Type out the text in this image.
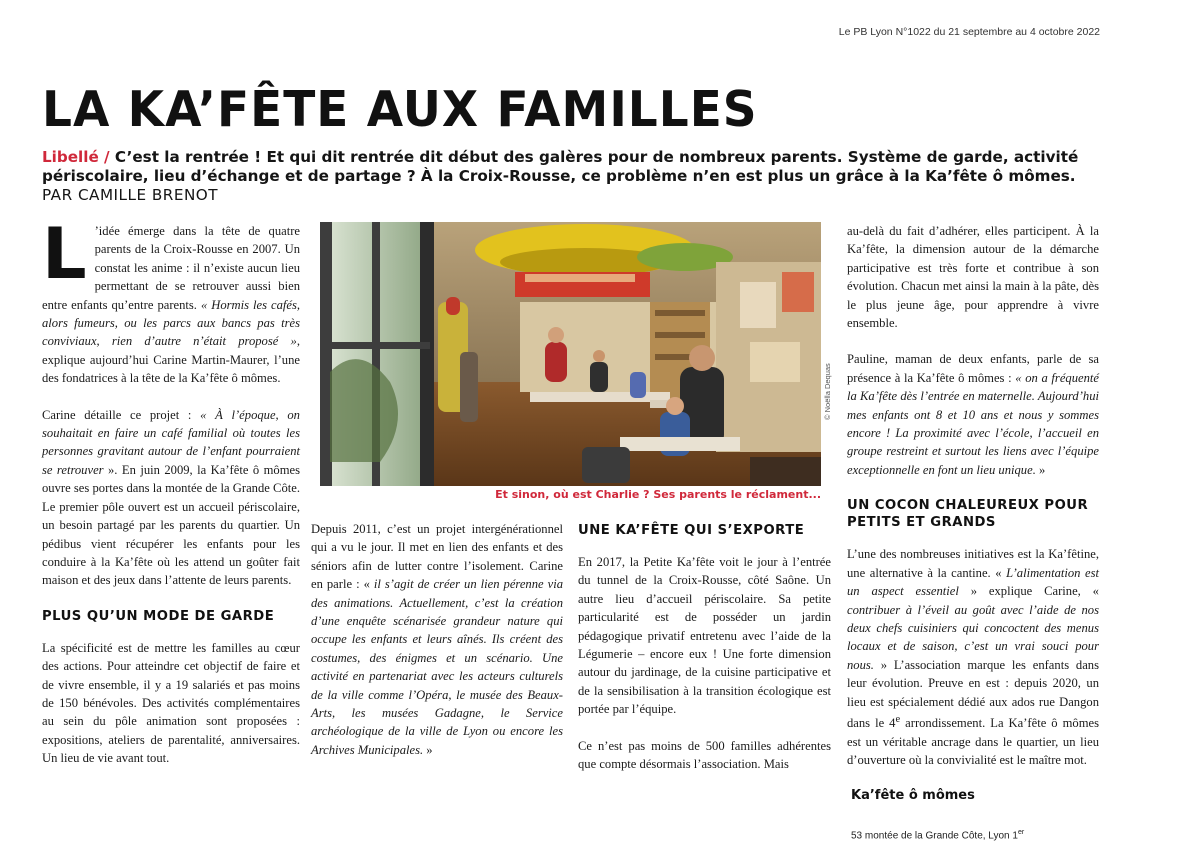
Le PB Lyon N°1022 du 21 septembre au 4 octobre 2022
LA KA’FÊTE AUX FAMILLES

Libellé / C’est la rentrée ! Et qui dit rentrée dit début des galères pour de nombreux parents. Système de garde, activité périscolaire, lieu d’échange et de partage ? À la Croix-Rousse, ce problème n’en est plus un grâce à la Ka’fête ô mômes. PAR CAMILLE BRENOT

L ’idée émerge dans la tête de quatre parents de la Croix-Rousse en 2007. Un constat les anime : il n’existe aucun lieu permettant de se retrouver aussi bien entre enfants qu’entre parents. « Hormis les cafés, alors fumeurs, ou les parcs aux bancs pas très conviviaux, rien d’autre n’était proposé », explique aujourd’hui Carine Martin-Maurer, l’une des fondatrices à la tête de la Ka’fête ô mômes.

Carine détaille ce projet : « À l’époque, on souhaitait en faire un café familial où toutes les personnes gravitant autour de l’enfant pourraient se retrouver ». En juin 2009, la Ka’fête ô mômes ouvre ses portes dans la montée de la Grande Côte. Le premier pôle ouvert est un accueil périscolaire, un besoin partagé par les parents du quartier. Un pédibus vient récupérer les enfants pour les conduire à la Ka’fête où les attend un goûter fait maison et des jeux dans l’attente de leurs parents.

PLUS QU’UN MODE DE GARDE

La spécificité est de mettre les familles au cœur des actions. Pour atteindre cet objectif de faire et de vivre ensemble, il y a 19 salariés et pas moins de 150 bénévoles. Des activités complémentaires au sein du pôle animation sont proposées : expositions, ateliers de parentalité, anniversaires. Un lieu de vie avant tout.

© Noëlla Dequas
Et sinon, où est Charlie ? Ses parents le réclament...

Depuis 2011, c’est un projet intergénérationnel qui a vu le jour. Il met en lien des enfants et des séniors afin de lutter contre l’isolement. Carine en parle : « il s’agit de créer un lien pérenne via des animations. Actuellement, c’est la création d’une enquête scénarisée grandeur nature qui occupe les enfants et leurs aînés. Ils créent des costumes, des énigmes et un scénario. Une activité en partenariat avec les acteurs culturels de la ville comme l’Opéra, le musée des Beaux-Arts, les musées Gadagne, le Service archéologique de la ville de Lyon ou encore les Archives Municipales. »

UNE KA’FÊTE QUI S’EXPORTE

En 2017, la Petite Ka’fête voit le jour à l’entrée du tunnel de la Croix-Rousse, côté Saône. Un autre lieu d’accueil périscolaire. Sa petite particularité est de posséder un jardin pédagogique privatif entretenu avec l’aide de la Légumerie – encore eux ! Une forte dimension autour du jardinage, de la cuisine participative et de la sensibilisation à la transition écologique est portée par l’équipe.

Ce n’est pas moins de 500 familles adhérentes que compte désormais l’association. Mais

au-delà du fait d’adhérer, elles participent. À la Ka’fête, la dimension autour de la démarche participative est très forte et contribue à son évolution. Chacun met ainsi la main à la pâte, dès le plus jeune âge, pour apprendre à vivre ensemble.

Pauline, maman de deux enfants, parle de sa présence à la Ka’fête ô mômes : « on a fréquenté la Ka’fête dès l’entrée en maternelle. Aujourd’hui mes enfants ont 8 et 10 ans et nous y sommes encore ! La proximité avec l’école, l’accueil en groupe restreint et surtout les liens avec l’équipe exceptionnelle en font un lieu unique. »

UN COCON CHALEUREUX POUR PETITS ET GRANDS

L’une des nombreuses initiatives est la Ka’fêtine, une alternative à la cantine. « L’alimentation est un aspect essentiel » explique Carine, « contribuer à l’éveil au goût avec l’aide de nos deux chefs cuisiniers qui concoctent des menus locaux et de saison, c’est un vrai souci pour nous. » L’association marque les enfants dans leur évolution. Preuve en est : depuis 2020, un lieu est spécialement dédié aux ados rue Dangon dans le 4e arrondissement. La Ka’fête ô mômes est un véritable ancrage dans le quartier, un lieu d’ouverture où la convivialité est le maître mot.

Ka’fête ô mômes

53 montée de la Grande Côte, Lyon 1er
